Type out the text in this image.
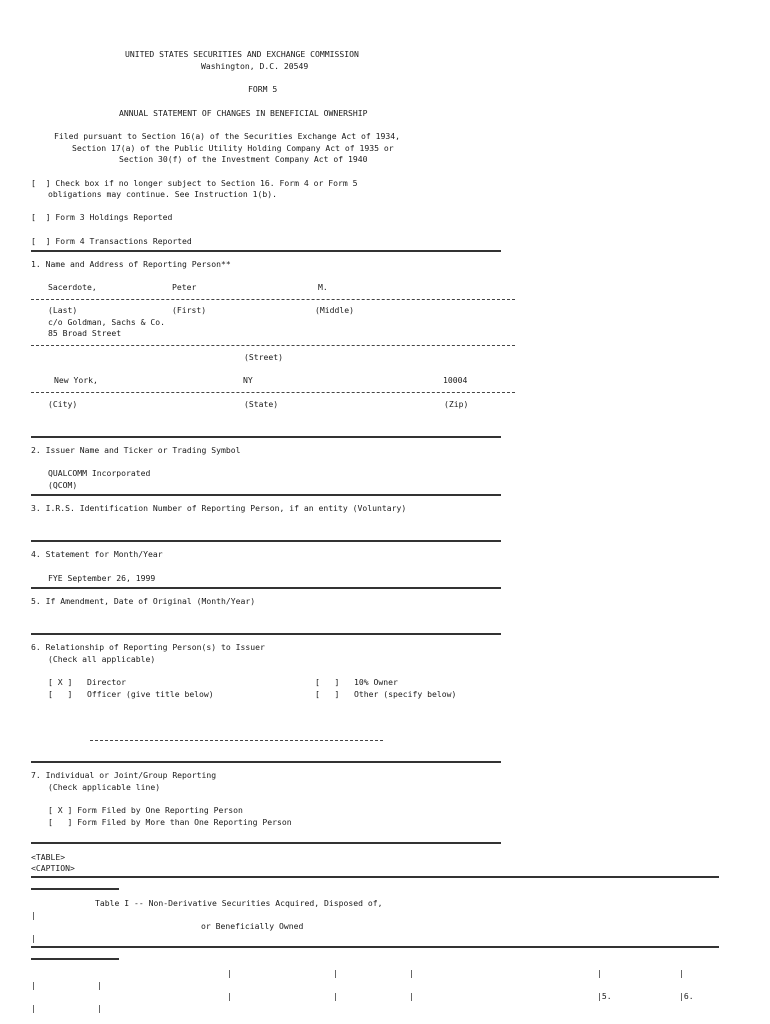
UNITED STATES SECURITIES AND EXCHANGE COMMISSION
Washington, D.C. 20549
FORM 5
ANNUAL STATEMENT OF CHANGES IN BENEFICIAL OWNERSHIP
Filed pursuant to Section 16(a) of the Securities Exchange Act of 1934,
Section 17(a) of the Public Utility Holding Company Act of 1935 or
Section 30(f) of the Investment Company Act of 1940
[  ] Check box if no longer subject to Section 16. Form 4 or Form 5
obligations may continue. See Instruction 1(b).
[  ] Form 3 Holdings Reported
[  ] Form 4 Transactions Reported
1. Name and Address of Reporting Person**
Sacerdote,	Peter	M.
(Last)	(First)	(Middle)
c/o Goldman, Sachs & Co.
85 Broad Street
(Street)
New York,	NY	10004
(City)	(State)	(Zip)
2. Issuer Name and Ticker or Trading Symbol
QUALCOMM Incorporated
(QCOM)
3. I.R.S. Identification Number of Reporting Person, if an entity (Voluntary)
4. Statement for Month/Year
FYE September 26, 1999
5. If Amendment, Date of Original (Month/Year)
6. Relationship of Reporting Person(s) to Issuer
(Check all applicable)
[ X ]   Director	[   ]   10% Owner
[   ]   Officer (give title below)	[   ]   Other (specify below)
7. Individual or Joint/Group Reporting
(Check applicable line)
[ X ] Form Filed by One Reporting Person
[   ] Form Filed by More than One Reporting Person
<TABLE>
<CAPTION>
Table I -- Non-Derivative Securities Acquired, Disposed of,
|
or Beneficially Owned
|
|	|	|	|	|
|	|
|	|	|	|5.	|6.
|	|
